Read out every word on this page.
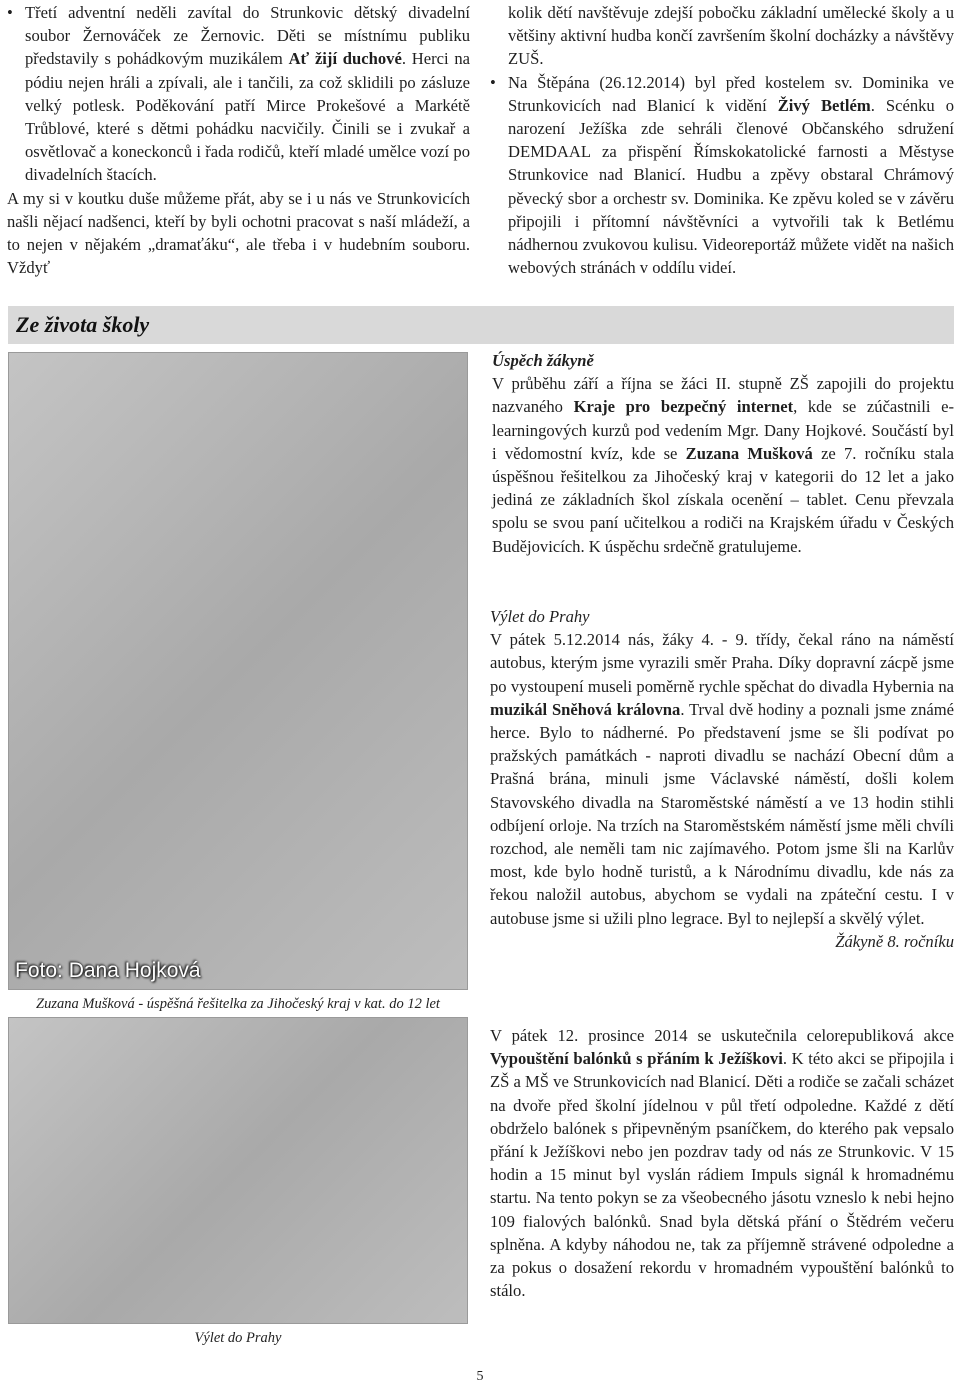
• Třetí adventní neděli zavítal do Strunkovic dětský divadelní soubor Žernováček ze Žernovic. Děti se místnímu publiku představily s pohádkovým muzikálem Ať žijí duchové. Herci na pódiu nejen hráli a zpívali, ale i tančili, za což sklidili po zásluze velký potlesk. Poděkování patří Mirce Prokešové a Markétě Trůblové, které s dětmi pohádku nacvičily. Činili se i zvukař a osvětlovač a koneckonců i řada rodičů, kteří mladé umělce vozí po divadelních štacích.

A my si v koutku duše můžeme přát, aby se i u nás ve Strunkovicích našli nějací nadšenci, kteří by byli ochotni pracovat s naší mládeží, a to nejen v nějakém „dramaťáku“, ale třeba i v hudebním souboru. Vždyť

kolik dětí navštěvuje zdejší pobočku základní umělecké školy a u většiny aktivní hudba končí završením školní docházky a návštěvy ZUŠ.

• Na Štěpána (26.12.2014) byl před kostelem sv. Dominika ve Strunkovicích nad Blanicí k vidění Živý Betlém. Scénku o narození Ježíška zde sehráli členové Občanského sdružení DEMDAAL za přispění Římskokatolické farnosti a Městyse Strunkovice nad Blanicí. Hudbu a zpěvy obstaral Chrámový pěvecký sbor a orchestr sv. Dominika. Ke zpěvu koled se v závěru připojili i přítomní návštěvníci a vytvořili tak k Betlému nádhernou zvukovou kulisu. Videoreportáž můžete vidět na našich webových stránách v oddílu videí.
Ze života školy
Foto: Dana Hojková
Zuzana Mušková - úspěšná řešitelka za Jihočeský kraj v kat. do 12 let
Výlet do Prahy

Úspěch žákyně

V průběhu září a října se žáci II. stupně ZŠ zapojili do projektu nazvaného Kraje pro bezpečný internet, kde se zúčastnili e-learningových kurzů pod vedením Mgr. Dany Hojkové. Součástí byl i vědomostní kvíz, kde se Zuzana Mušková ze 7. ročníku stala úspěšnou řešitelkou za Jihočeský kraj v kategorii do 12 let a jako jediná ze základních škol získala ocenění – tablet. Cenu převzala spolu se svou paní učitelkou a rodiči na Krajském úřadu v Českých Budějovicích. K úspěchu srdečně gratulujeme.

Výlet do Prahy

V pátek 5.12.2014 nás, žáky 4. - 9. třídy, čekal ráno na náměstí autobus, kterým jsme vyrazili směr Praha. Díky dopravní zácpě jsme po vystoupení museli poměrně rychle spěchat do divadla Hybernia na muzikál Sněhová královna. Trval dvě hodiny a poznali jsme známé herce. Bylo to nádherné. Po představení jsme se šli podívat po pražských památkách - naproti divadlu se nachází Obecní dům a Prašná brána, minuli jsme Václavské náměstí, došli kolem Stavovského divadla na Staroměstské náměstí a ve 13 hodin stihli odbíjení orloje. Na trzích na Staroměstském náměstí jsme měli chvíli rozchod, ale neměli tam nic zajímavého. Potom jsme šli na Karlův most, kde bylo hodně turistů, a k Národnímu divadlu, kde nás za řekou naložil autobus, abychom se vydali na zpáteční cestu. I v autobuse jsme si užili plno legrace. Byl to nejlepší a skvělý výlet.

Žákyně 8. ročníku

V pátek 12. prosince 2014 se uskutečnila celorepubliková akce Vypouštění balónků s přáním k Ježíškovi. K této akci se připojila i ZŠ a MŠ ve Strunkovicích nad Blanicí. Děti a rodiče se začali scházet na dvoře před školní jídelnou v půl třetí odpoledne. Každé z dětí obdrželo balónek s připevněným psaníčkem, do kterého pak vepsalo přání k Ježíškovi nebo jen pozdrav tady od nás ze Strunkovic. V 15 hodin a 15 minut byl vyslán rádiem Impuls signál k hromadnému startu. Na tento pokyn se za všeobecného jásotu vzneslo k nebi hejno 109 fialových balónků. Snad byla dětská přání o Štědrém večeru splněna. A kdyby náhodou ne, tak za příjemně strávené odpoledne a za pokus o dosažení rekordu v hromadném vypouštění balónků to stálo.

5
